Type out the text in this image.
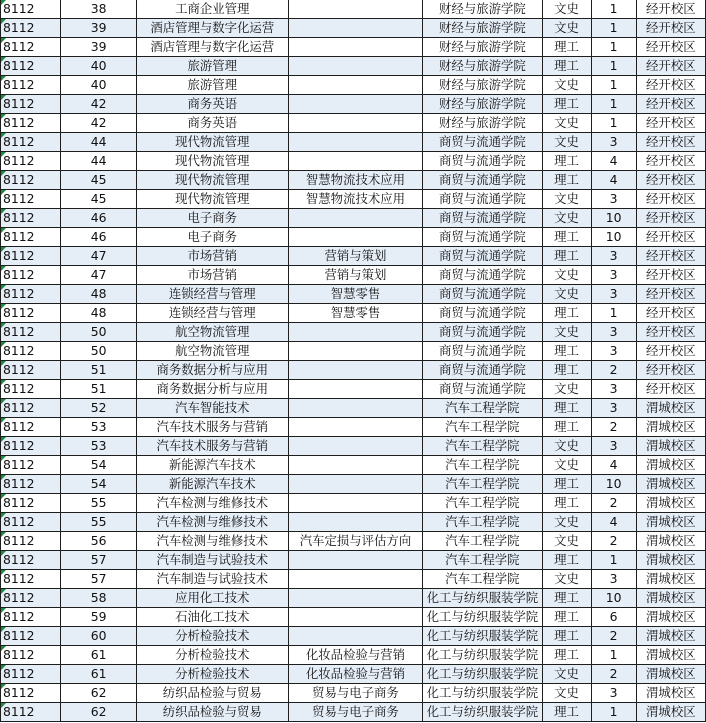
8112	38	工商企业管理		财经与旅游学院	文史	1	经开校区
8112	39	酒店管理与数字化运营		财经与旅游学院	文史	1	经开校区
8112	39	酒店管理与数字化运营		财经与旅游学院	理工	1	经开校区
8112	40	旅游管理		财经与旅游学院	理工	1	经开校区
8112	40	旅游管理		财经与旅游学院	文史	1	经开校区
8112	42	商务英语		财经与旅游学院	理工	1	经开校区
8112	42	商务英语		财经与旅游学院	文史	1	经开校区
8112	44	现代物流管理		商贸与流通学院	文史	3	经开校区
8112	44	现代物流管理		商贸与流通学院	理工	4	经开校区
8112	45	现代物流管理	智慧物流技术应用	商贸与流通学院	理工	4	经开校区
8112	45	现代物流管理	智慧物流技术应用	商贸与流通学院	文史	3	经开校区
8112	46	电子商务		商贸与流通学院	文史	10	经开校区
8112	46	电子商务		商贸与流通学院	理工	10	经开校区
8112	47	市场营销	营销与策划	商贸与流通学院	理工	3	经开校区
8112	47	市场营销	营销与策划	商贸与流通学院	文史	3	经开校区
8112	48	连锁经营与管理	智慧零售	商贸与流通学院	文史	3	经开校区
8112	48	连锁经营与管理	智慧零售	商贸与流通学院	理工	1	经开校区
8112	50	航空物流管理		商贸与流通学院	文史	3	经开校区
8112	50	航空物流管理		商贸与流通学院	理工	3	经开校区
8112	51	商务数据分析与应用		商贸与流通学院	理工	2	经开校区
8112	51	商务数据分析与应用		商贸与流通学院	文史	3	经开校区
8112	52	汽车智能技术		汽车工程学院	理工	3	渭城校区
8112	53	汽车技术服务与营销		汽车工程学院	理工	2	渭城校区
8112	53	汽车技术服务与营销		汽车工程学院	文史	3	渭城校区
8112	54	新能源汽车技术		汽车工程学院	文史	4	渭城校区
8112	54	新能源汽车技术		汽车工程学院	理工	10	渭城校区
8112	55	汽车检测与维修技术		汽车工程学院	理工	2	渭城校区
8112	55	汽车检测与维修技术		汽车工程学院	文史	4	渭城校区
8112	56	汽车检测与维修技术	汽车定损与评估方向	汽车工程学院	文史	2	渭城校区
8112	57	汽车制造与试验技术		汽车工程学院	理工	1	渭城校区
8112	57	汽车制造与试验技术		汽车工程学院	文史	3	渭城校区
8112	58	应用化工技术		化工与纺织服装学院	理工	10	渭城校区
8112	59	石油化工技术		化工与纺织服装学院	理工	6	渭城校区
8112	60	分析检验技术		化工与纺织服装学院	理工	2	渭城校区
8112	61	分析检验技术	化妆品检验与营销	化工与纺织服装学院	理工	1	渭城校区
8112	61	分析检验技术	化妆品检验与营销	化工与纺织服装学院	文史	2	渭城校区
8112	62	纺织品检验与贸易	贸易与电子商务	化工与纺织服装学院	文史	3	渭城校区
8112	62	纺织品检验与贸易	贸易与电子商务	化工与纺织服装学院	理工	1	渭城校区
